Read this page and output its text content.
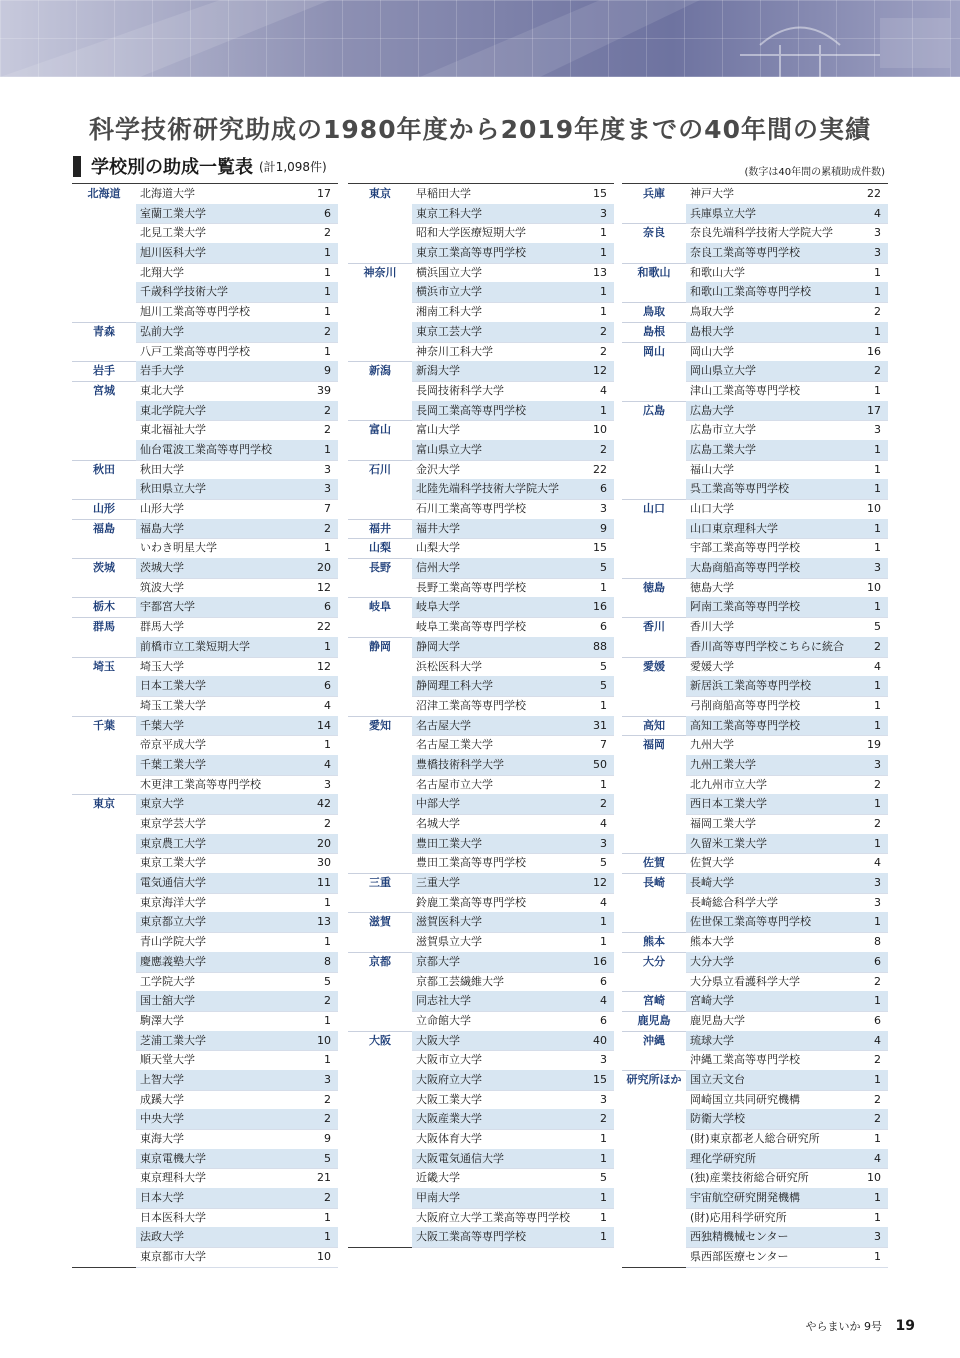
科学技術研究助成の1980年度から2019年度までの40年間の実績
学校別の助成一覧表 (計1,098件)	(数字は40年間の累積助成件数)
北海道	北海道大学	17
室蘭工業大学	6
北見工業大学	2
旭川医科大学	1
北翔大学	1
千歳科学技術大学	1
旭川工業高等専門学校	1
青森	弘前大学	2
八戸工業高等専門学校	1
岩手	岩手大学	9
宮城	東北大学	39
東北学院大学	2
東北福祉大学	2
仙台電波工業高等専門学校	1
秋田	秋田大学	3
秋田県立大学	3
山形	山形大学	7
福島	福島大学	2
いわき明星大学	1
茨城	茨城大学	20
筑波大学	12
栃木	宇都宮大学	6
群馬	群馬大学	22
前橋市立工業短期大学	1
埼玉	埼玉大学	12
日本工業大学	6
埼玉工業大学	4
千葉	千葉大学	14
帝京平成大学	1
千葉工業大学	4
木更津工業高等専門学校	3
東京	東京大学	42
東京学芸大学	2
東京農工大学	20
東京工業大学	30
電気通信大学	11
東京海洋大学	1
東京都立大学	13
青山学院大学	1
慶應義塾大学	8
工学院大学	5
国士舘大学	2
駒澤大学	1
芝浦工業大学	10
順天堂大学	1
上智大学	3
成蹊大学	2
中央大学	2
東海大学	9
東京電機大学	5
東京理科大学	21
日本大学	2
日本医科大学	1
法政大学	1
東京都市大学	10
東京	早稲田大学	15
東京工科大学	3
昭和大学医療短期大学	1
東京工業高等専門学校	1
神奈川	横浜国立大学	13
横浜市立大学	1
湘南工科大学	1
東京工芸大学	2
神奈川工科大学	2
新潟	新潟大学	12
長岡技術科学大学	4
長岡工業高等専門学校	1
富山	富山大学	10
富山県立大学	2
石川	金沢大学	22
北陸先端科学技術大学院大学	6
石川工業高等専門学校	3
福井	福井大学	9
山梨	山梨大学	15
長野	信州大学	5
長野工業高等専門学校	1
岐阜	岐阜大学	16
岐阜工業高等専門学校	6
静岡	静岡大学	88
浜松医科大学	5
静岡理工科大学	5
沼津工業高等専門学校	1
愛知	名古屋大学	31
名古屋工業大学	7
豊橋技術科学大学	50
名古屋市立大学	1
中部大学	2
名城大学	4
豊田工業大学	3
豊田工業高等専門学校	5
三重	三重大学	12
鈴鹿工業高等専門学校	4
滋賀	滋賀医科大学	1
滋賀県立大学	1
京都	京都大学	16
京都工芸繊維大学	6
同志社大学	4
立命館大学	6
大阪	大阪大学	40
大阪市立大学	3
大阪府立大学	15
大阪工業大学	3
大阪産業大学	2
大阪体育大学	1
大阪電気通信大学	1
近畿大学	5
甲南大学	1
大阪府立大学工業高等専門学校	1
大阪工業高等専門学校	1
兵庫	神戸大学	22
兵庫県立大学	4
奈良	奈良先端科学技術大学院大学	3
奈良工業高等専門学校	3
和歌山	和歌山大学	1
和歌山工業高等専門学校	1
鳥取	鳥取大学	2
島根	島根大学	1
岡山	岡山大学	16
岡山県立大学	2
津山工業高等専門学校	1
広島	広島大学	17
広島市立大学	3
広島工業大学	1
福山大学	1
呉工業高等専門学校	1
山口	山口大学	10
山口東京理科大学	1
宇部工業高等専門学校	1
大島商船高等専門学校	3
徳島	徳島大学	10
阿南工業高等専門学校	1
香川	香川大学	5
香川高等専門学校こちらに統合	2
愛媛	愛媛大学	4
新居浜工業高等専門学校	1
弓削商船高等専門学校	1
高知	高知工業高等専門学校	1
福岡	九州大学	19
九州工業大学	3
北九州市立大学	2
西日本工業大学	1
福岡工業大学	2
久留米工業大学	1
佐賀	佐賀大学	4
長崎	長崎大学	3
長崎総合科学大学	3
佐世保工業高等専門学校	1
熊本	熊本大学	8
大分	大分大学	6
大分県立看護科学大学	2
宮崎	宮崎大学	1
鹿児島	鹿児島大学	6
沖縄	琉球大学	4
沖縄工業高等専門学校	2
研究所ほか 国立天文台	1
岡崎国立共同研究機構	2
防衛大学校	2
(財)東京都老人総合研究所	1
理化学研究所	4
(独)産業技術総合研究所	10
宇宙航空研究開発機構	1
(財)応用科学研究所	1
西独精機械センター	3
県西部医療センター	1
やらまいか 9号 19
